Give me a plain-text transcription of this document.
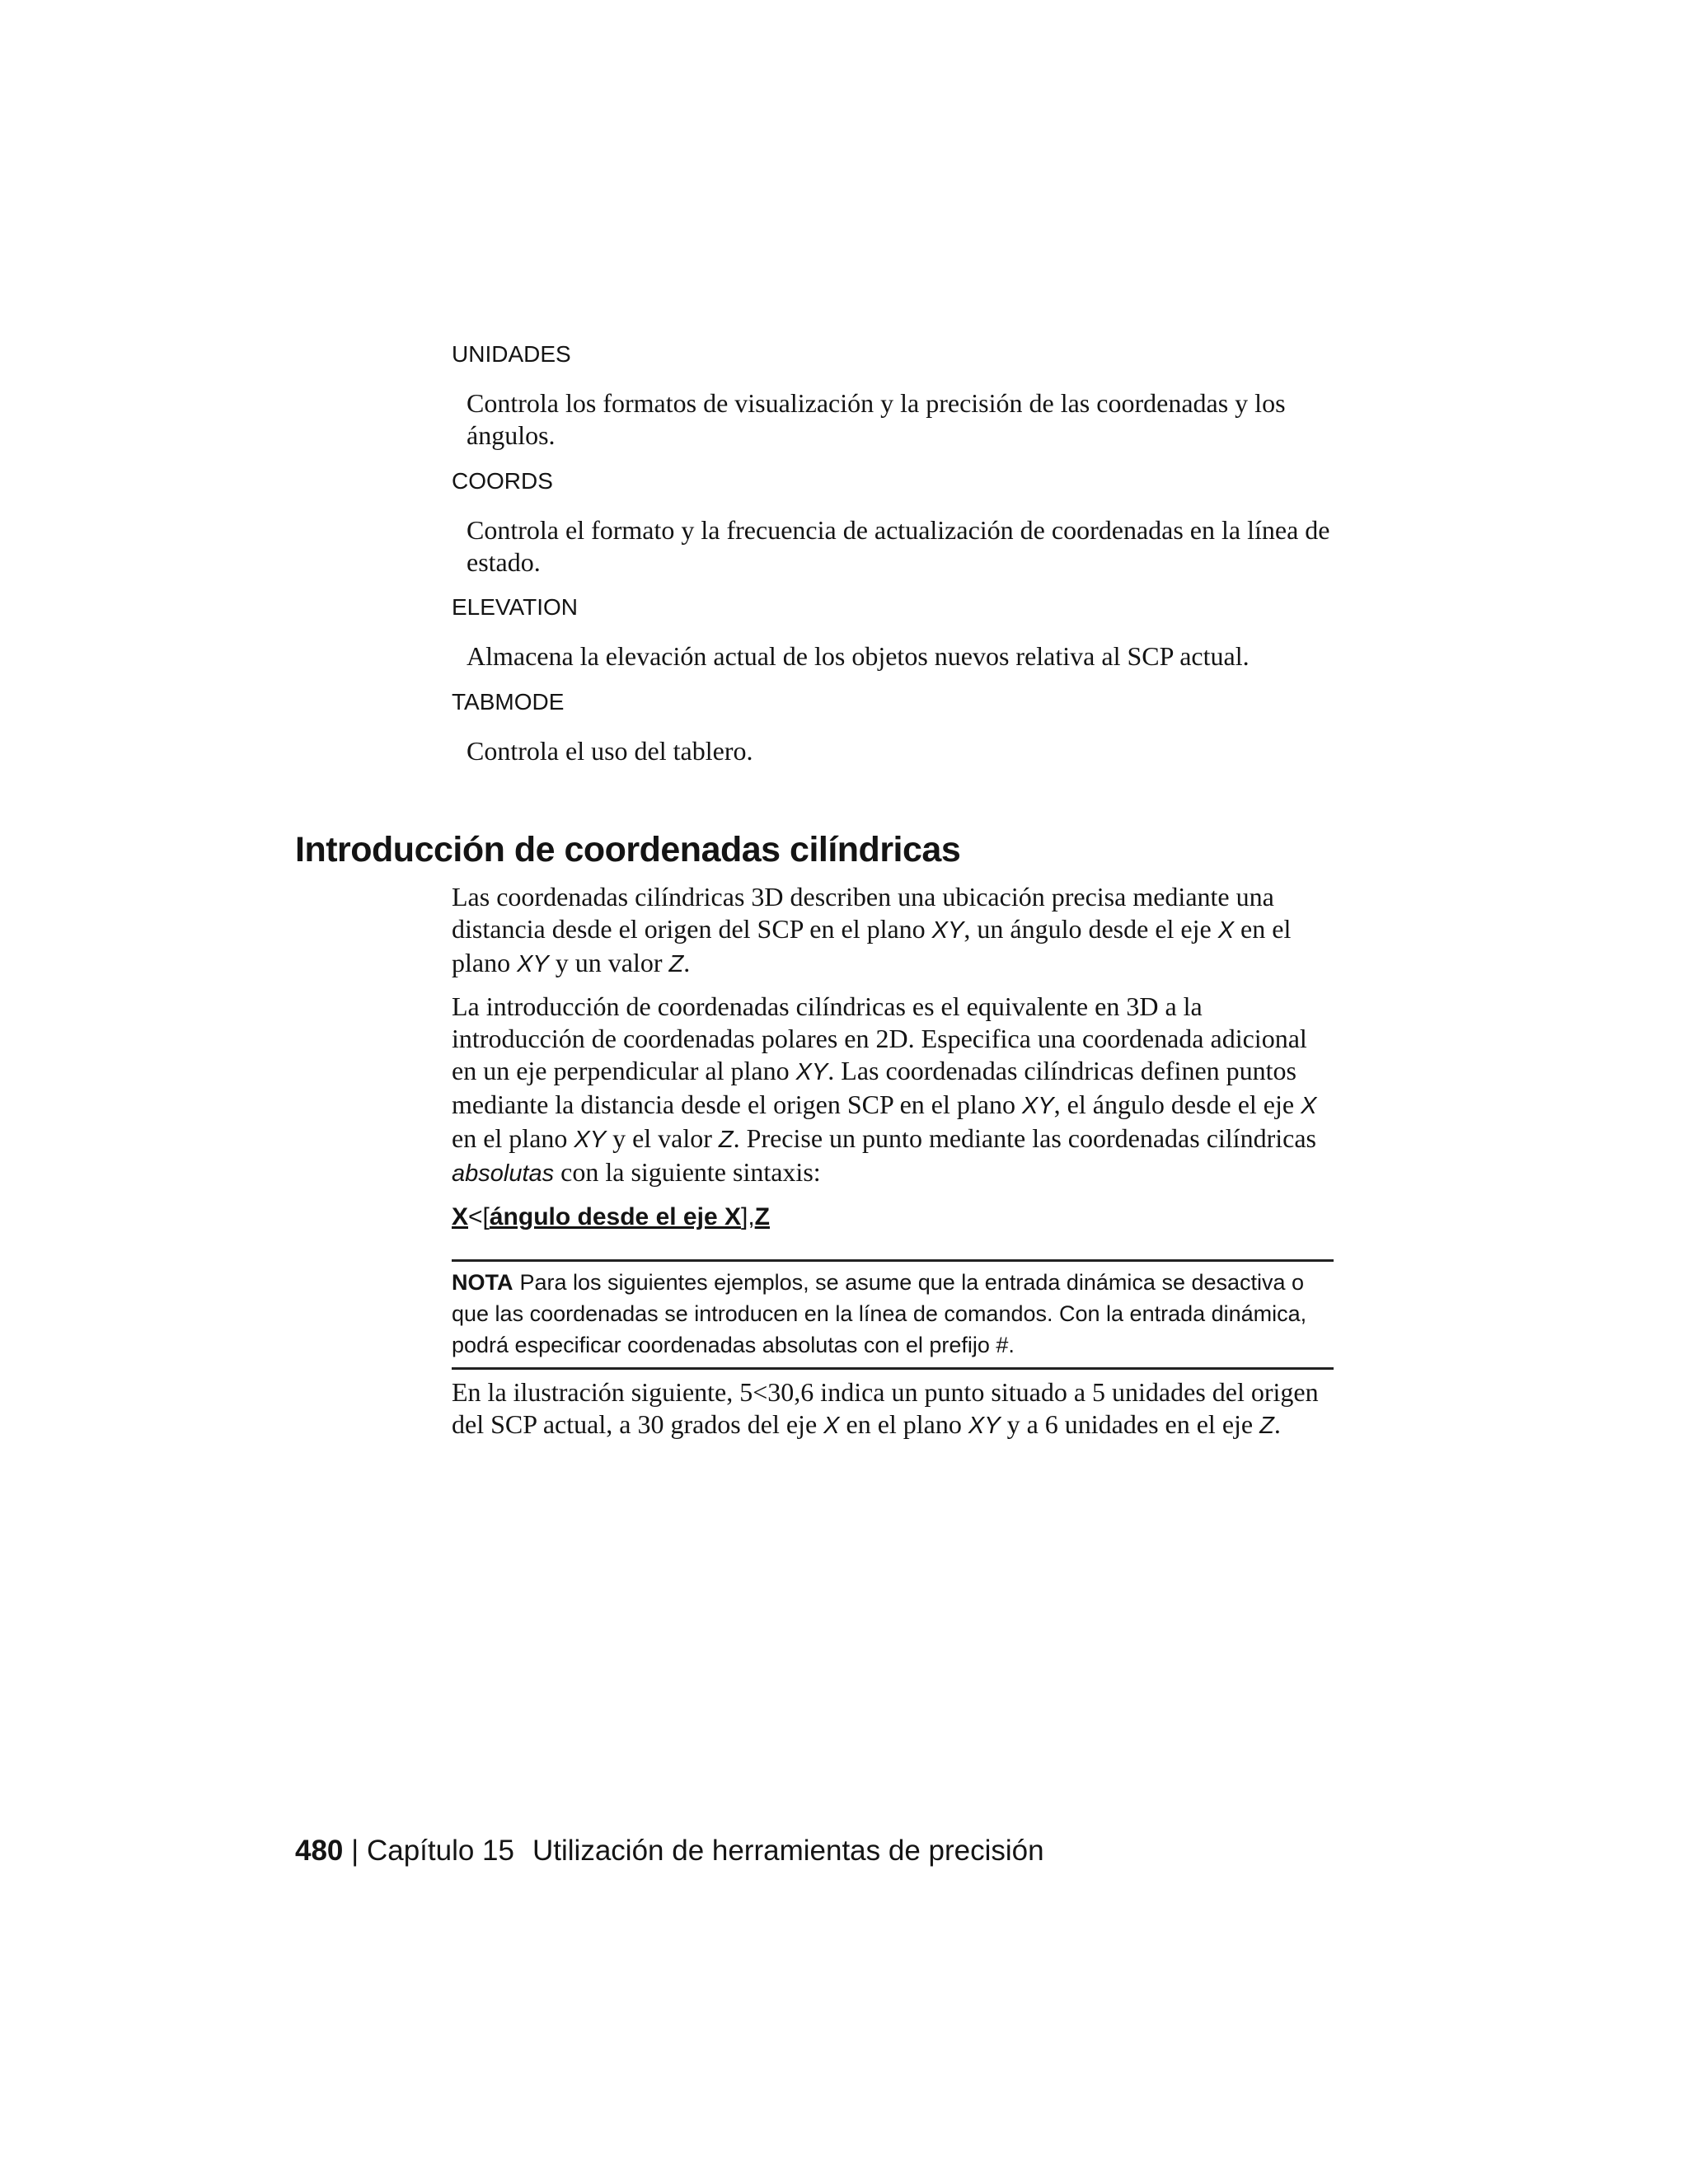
UNIDADES
Controla los formatos de visualización y la precisión de las coordenadas y los ángulos.
COORDS
Controla el formato y la frecuencia de actualización de coordenadas en la línea de estado.
ELEVATION
Almacena la elevación actual de los objetos nuevos relativa al SCP actual.
TABMODE
Controla el uso del tablero.
Introducción de coordenadas cilíndricas

Las coordenadas cilíndricas 3D describen una ubicación precisa mediante una distancia desde el origen del SCP en el plano XY, un ángulo desde el eje X en el plano XY y un valor Z.

La introducción de coordenadas cilíndricas es el equivalente en 3D a la introducción de coordenadas polares en 2D. Especifica una coordenada adicional en un eje perpendicular al plano XY. Las coordenadas cilíndricas definen puntos mediante la distancia desde el origen SCP en el plano XY, el ángulo desde el eje X en el plano XY y el valor Z. Precise un punto mediante las coordenadas cilíndricas absolutas con la siguiente sintaxis:

X<[ángulo desde el eje X],Z
NOTA Para los siguientes ejemplos, se asume que la entrada dinámica se desactiva o que las coordenadas se introducen en la línea de comandos. Con la entrada dinámica, podrá especificar coordenadas absolutas con el prefijo #.

En la ilustración siguiente, 5<30,6 indica un punto situado a 5 unidades del origen del SCP actual, a 30 grados del eje X en el plano XY y a 6 unidades en el eje Z.

480 | Capítulo 15 Utilización de herramientas de precisión
